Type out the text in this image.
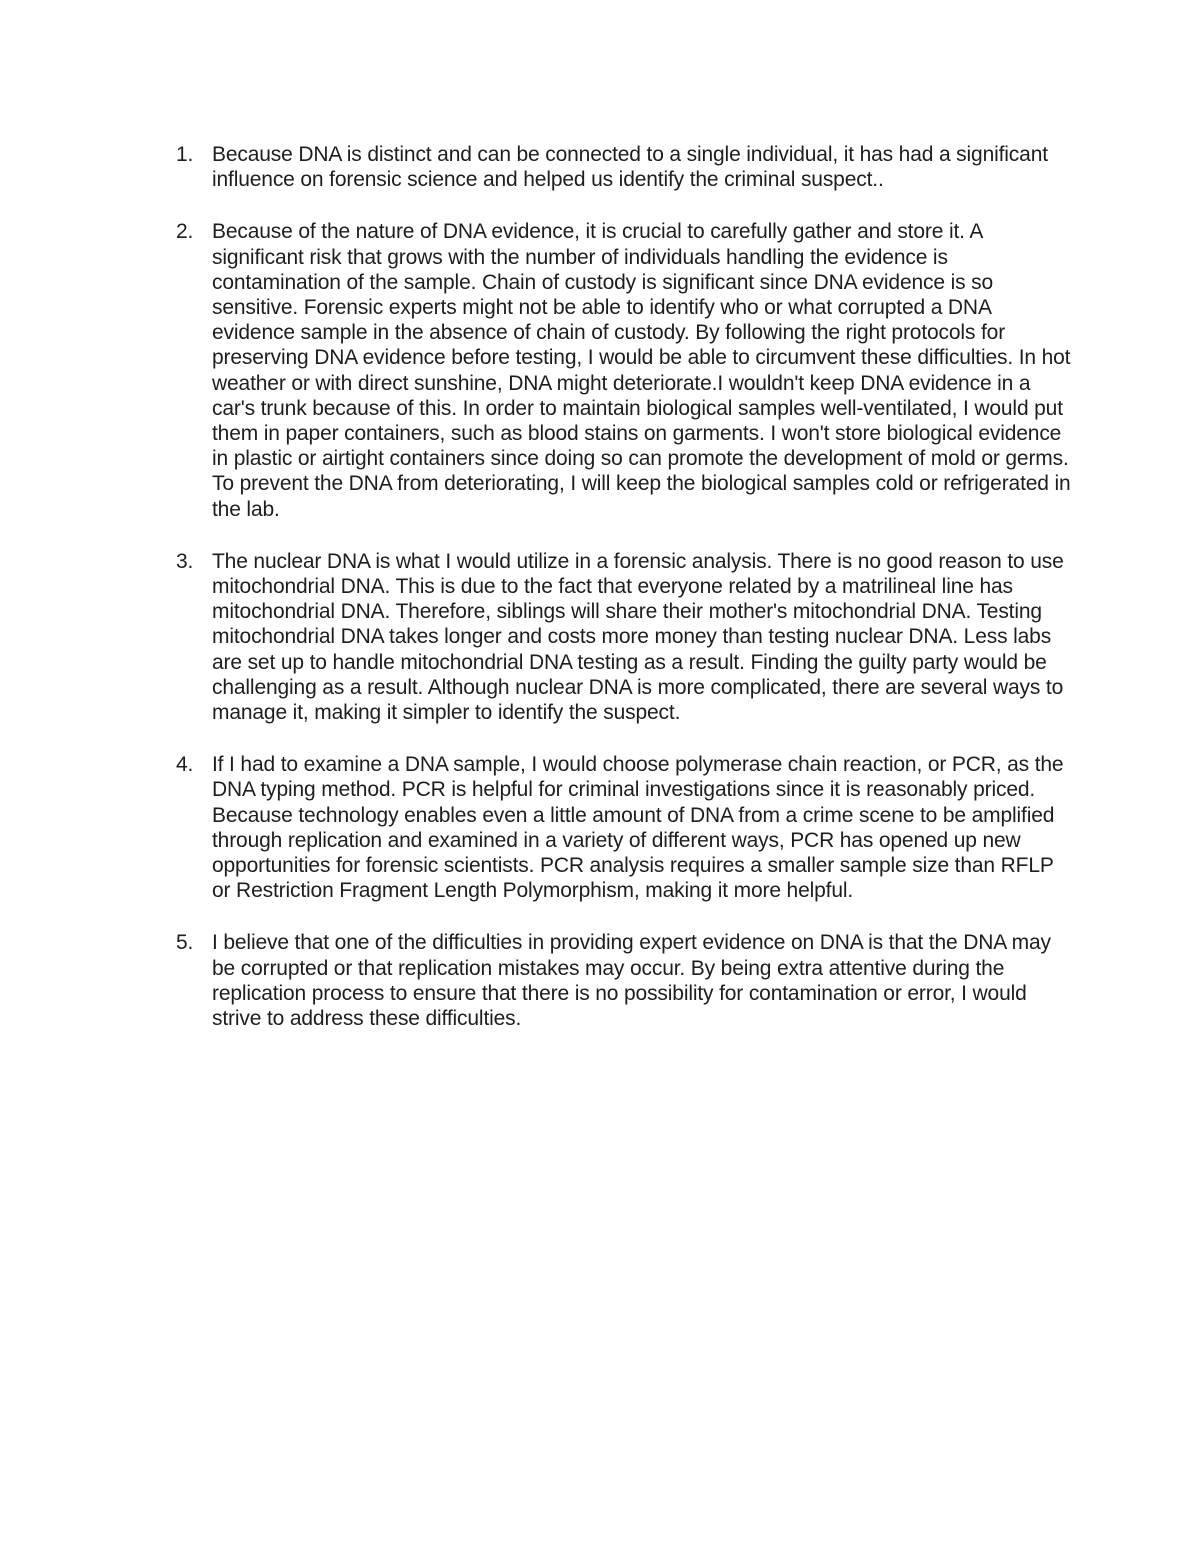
1. Because DNA is distinct and can be connected to a single individual, it has had a significant influence on forensic science and helped us identify the criminal suspect..
2. Because of the nature of DNA evidence, it is crucial to carefully gather and store it. A significant risk that grows with the number of individuals handling the evidence is contamination of the sample. Chain of custody is significant since DNA evidence is so sensitive. Forensic experts might not be able to identify who or what corrupted a DNA evidence sample in the absence of chain of custody. By following the right protocols for preserving DNA evidence before testing, I would be able to circumvent these difficulties. In hot weather or with direct sunshine, DNA might deteriorate.I wouldn't keep DNA evidence in a car's trunk because of this. In order to maintain biological samples well-ventilated, I would put them in paper containers, such as blood stains on garments. I won't store biological evidence in plastic or airtight containers since doing so can promote the development of mold or germs. To prevent the DNA from deteriorating, I will keep the biological samples cold or refrigerated in the lab.
3. The nuclear DNA is what I would utilize in a forensic analysis. There is no good reason to use mitochondrial DNA. This is due to the fact that everyone related by a matrilineal line has mitochondrial DNA. Therefore, siblings will share their mother's mitochondrial DNA. Testing mitochondrial DNA takes longer and costs more money than testing nuclear DNA. Less labs are set up to handle mitochondrial DNA testing as a result. Finding the guilty party would be challenging as a result. Although nuclear DNA is more complicated, there are several ways to manage it, making it simpler to identify the suspect.
4. If I had to examine a DNA sample, I would choose polymerase chain reaction, or PCR, as the DNA typing method. PCR is helpful for criminal investigations since it is reasonably priced. Because technology enables even a little amount of DNA from a crime scene to be amplified through replication and examined in a variety of different ways, PCR has opened up new opportunities for forensic scientists. PCR analysis requires a smaller sample size than RFLP or Restriction Fragment Length Polymorphism, making it more helpful.
5. I believe that one of the difficulties in providing expert evidence on DNA is that the DNA may be corrupted or that replication mistakes may occur. By being extra attentive during the replication process to ensure that there is no possibility for contamination or error, I would strive to address these difficulties.
